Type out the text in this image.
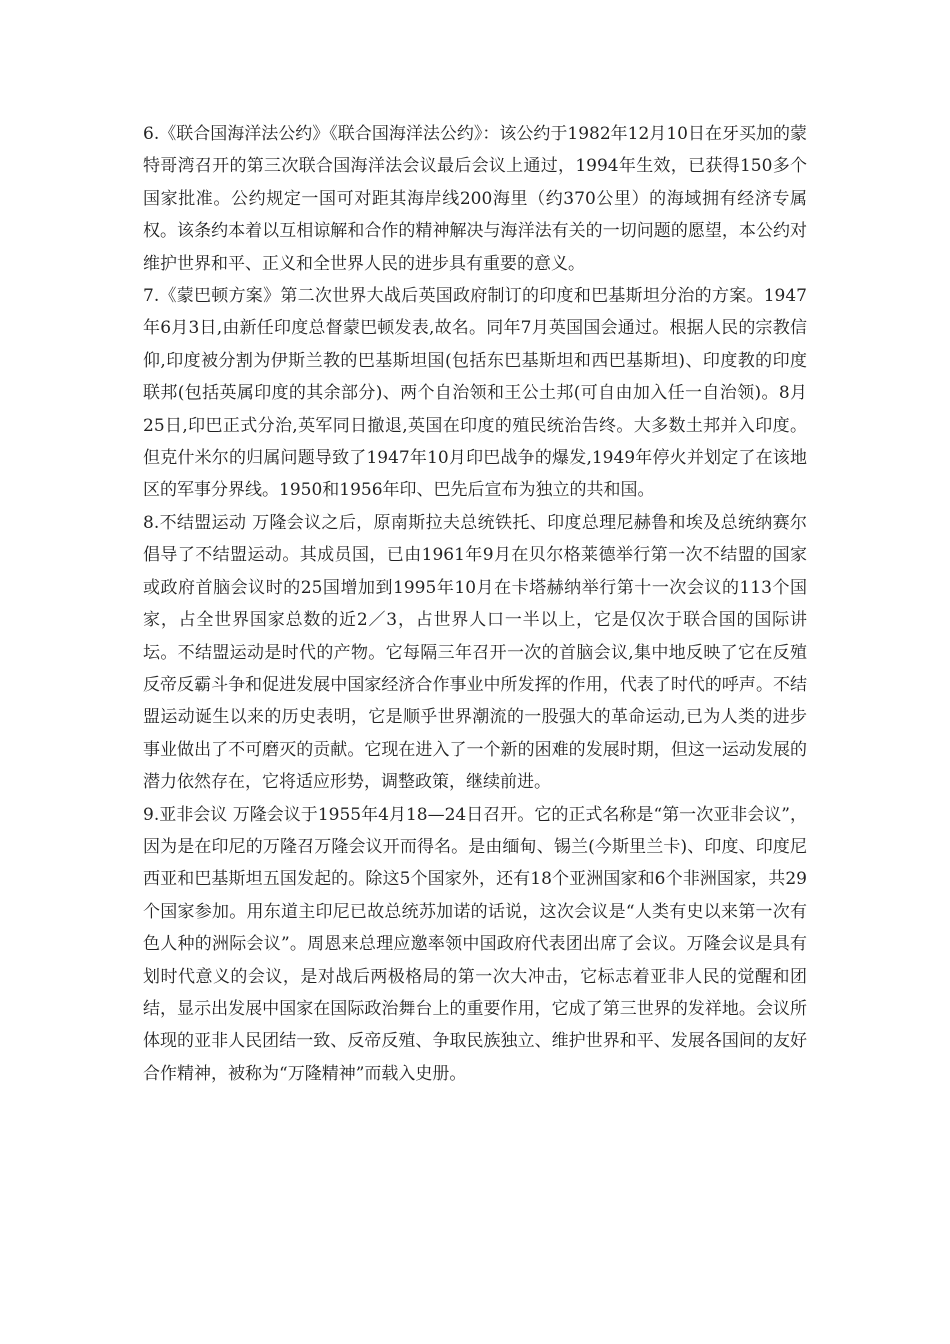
6.《联合国海洋法公约》《联合国海洋法公约》：该公约于1982年12月10日在牙买加的蒙特哥湾召开的第三次联合国海洋法会议最后会议上通过，1994年生效，已获得150多个国家批准。公约规定一国可对距其海岸线200海里（约370公里）的海域拥有经济专属权。该条约本着以互相谅解和合作的精神解决与海洋法有关的一切问题的愿望，本公约对维护世界和平、正义和全世界人民的进步具有重要的意义。

7.《蒙巴顿方案》第二次世界大战后英国政府制订的印度和巴基斯坦分治的方案。1947年6月3日,由新任印度总督蒙巴顿发表,故名。同年7月英国国会通过。根据人民的宗教信仰,印度被分割为伊斯兰教的巴基斯坦国(包括东巴基斯坦和西巴基斯坦)、印度教的印度联邦(包括英属印度的其余部分)、两个自治领和王公土邦(可自由加入任一自治领)。8月25日,印巴正式分治,英军同日撤退,英国在印度的殖民统治告终。大多数土邦并入印度。但克什米尔的归属问题导致了1947年10月印巴战争的爆发,1949年停火并划定了在该地区的军事分界线。1950和1956年印、巴先后宣布为独立的共和国。

8.不结盟运动 万隆会议之后，原南斯拉夫总统铁托、印度总理尼赫鲁和埃及总统纳赛尔倡导了不结盟运动。其成员国，已由1961年9月在贝尔格莱德举行第一次不结盟的国家或政府首脑会议时的25国增加到1995年10月在卡塔赫纳举行第十一次会议的113个国家，占全世界国家总数的近2／3，占世界人口一半以上，它是仅次于联合国的国际讲坛。不结盟运动是时代的产物。它每隔三年召开一次的首脑会议,集中地反映了它在反殖反帝反霸斗争和促进发展中国家经济合作事业中所发挥的作用，代表了时代的呼声。不结盟运动诞生以来的历史表明，它是顺乎世界潮流的一股强大的革命运动,已为人类的进步事业做出了不可磨灭的贡献。它现在进入了一个新的困难的发展时期，但这一运动发展的潜力依然存在，它将适应形势，调整政策，继续前进。

9.亚非会议 万隆会议于1955年4月18—24日召开。它的正式名称是“第一次亚非会议”，因为是在印尼的万隆召万隆会议开而得名。是由缅甸、锡兰(今斯里兰卡)、印度、印度尼西亚和巴基斯坦五国发起的。除这5个国家外，还有18个亚洲国家和6个非洲国家，共29个国家参加。用东道主印尼已故总统苏加诺的话说，这次会议是“人类有史以来第一次有色人种的洲际会议”。周恩来总理应邀率领中国政府代表团出席了会议。万隆会议是具有划时代意义的会议，是对战后两极格局的第一次大冲击，它标志着亚非人民的觉醒和团结，显示出发展中国家在国际政治舞台上的重要作用，它成了第三世界的发祥地。会议所体现的亚非人民团结一致、反帝反殖、争取民族独立、维护世界和平、发展各国间的友好合作精神，被称为“万隆精神”而载入史册。
